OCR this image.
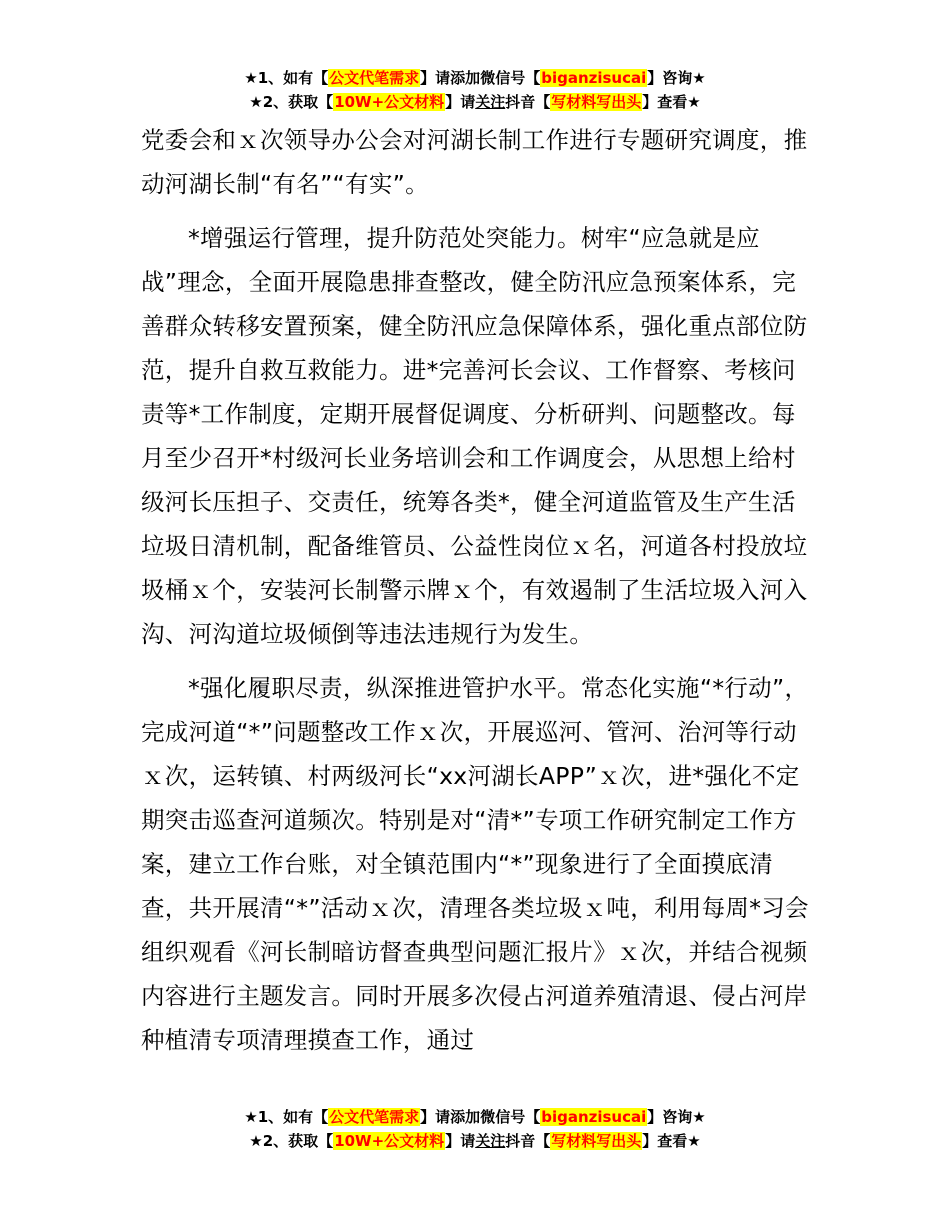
★1、如有【公文代笔需求】请添加微信号【biganzisucai】咨询★
★2、获取【10W+公文材料】请关注抖音【写材料写出头】查看★

党委会和ｘ次领导办公会对河湖长制工作进行专题研究调度，推动河湖长制“有名”“有实”。

*增强运行管理，提升防范处突能力。树牢“应急就是应战”理念，全面开展隐患排查整改，健全防汛应急预案体系，完善群众转移安置预案，健全防汛应急保障体系，强化重点部位防范，提升自救互救能力。进*完善河长会议、工作督察、考核问责等*工作制度，定期开展督促调度、分析研判、问题整改。每月至少召开*村级河长业务培训会和工作调度会，从思想上给村级河长压担子、交责任，统筹各类*，健全河道监管及生产生活垃圾日清机制，配备维管员、公益性岗位ｘ名，河道各村投放垃圾桶ｘ个，安装河长制警示牌ｘ个，有效遏制了生活垃圾入河入沟、河沟道垃圾倾倒等违法违规行为发生。

*强化履职尽责，纵深推进管护水平。常态化实施“*行动”，完成河道“*”问题整改工作ｘ次，开展巡河、管河、治河等行动ｘ次，运转镇、村两级河长“xx河湖长APP”ｘ次，进*强化不定期突击巡查河道频次。特别是对“清*”专项工作研究制定工作方案，建立工作台账，对全镇范围内“*”现象进行了全面摸底清查，共开展清“*”活动ｘ次，清理各类垃圾ｘ吨，利用每周*习会组织观看《河长制暗访督查典型问题汇报片》ｘ次，并结合视频内容进行主题发言。同时开展多次侵占河道养殖清退、侵占河岸种植清专项清理摸查工作，通过

★1、如有【公文代笔需求】请添加微信号【biganzisucai】咨询★
★2、获取【10W+公文材料】请关注抖音【写材料写出头】查看★
